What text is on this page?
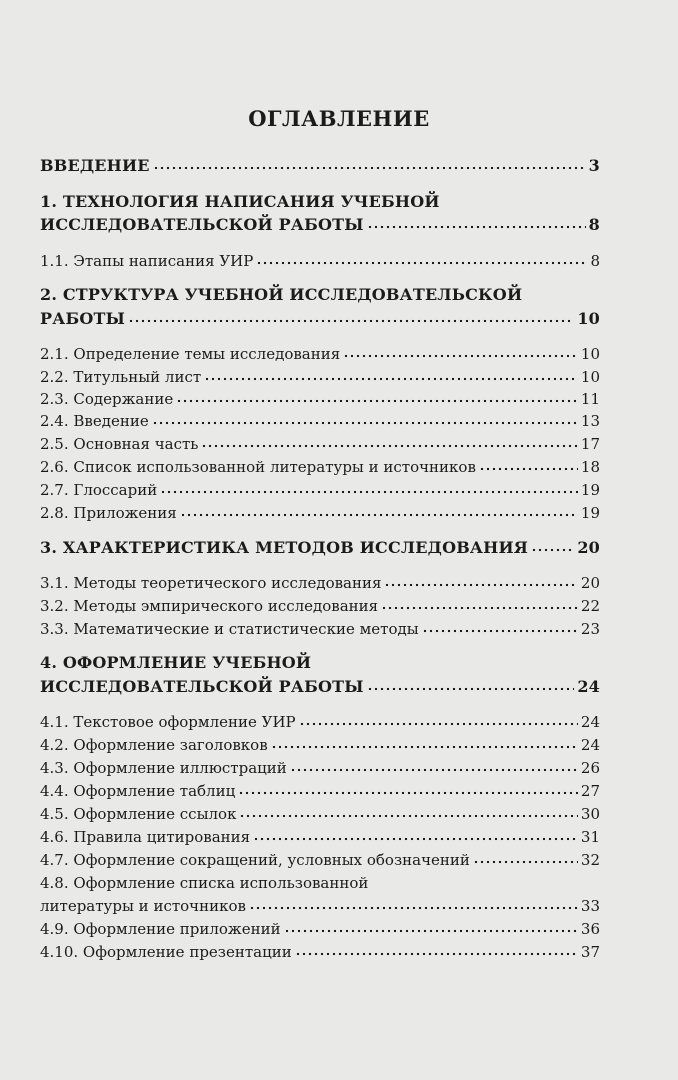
ОГЛАВЛЕНИЕ
ВВЕДЕНИЕ	3
1. ТЕХНОЛОГИЯ НАПИСАНИЯ УЧЕБНОЙ
ИССЛЕДОВАТЕЛЬСКОЙ РАБОТЫ	8
1.1. Этапы написания УИР	8
2. СТРУКТУРА УЧЕБНОЙ ИССЛЕДОВАТЕЛЬСКОЙ
РАБОТЫ	10
2.1. Определение темы исследования	10
2.2. Титульный лист	10
2.3. Содержание	11
2.4. Введение	13
2.5. Основная часть	17
2.6. Список использованной литературы и источников	18
2.7. Глоссарий	19
2.8. Приложения	19
3. ХАРАКТЕРИСТИКА МЕТОДОВ ИССЛЕДОВАНИЯ	20
3.1. Методы теоретического исследования	20
3.2. Методы эмпирического исследования	22
3.3. Математические и статистические методы	23
4. ОФОРМЛЕНИЕ УЧЕБНОЙ
ИССЛЕДОВАТЕЛЬСКОЙ РАБОТЫ	24
4.1. Текстовое оформление УИР	24
4.2. Оформление заголовков	24
4.3. Оформление иллюстраций	26
4.4. Оформление таблиц	27
4.5. Оформление ссылок	30
4.6. Правила цитирования	31
4.7. Оформление сокращений, условных обозначений	32
4.8. Оформление списка использованной
литературы и источников	33
4.9. Оформление приложений	36
4.10. Оформление презентации	37
